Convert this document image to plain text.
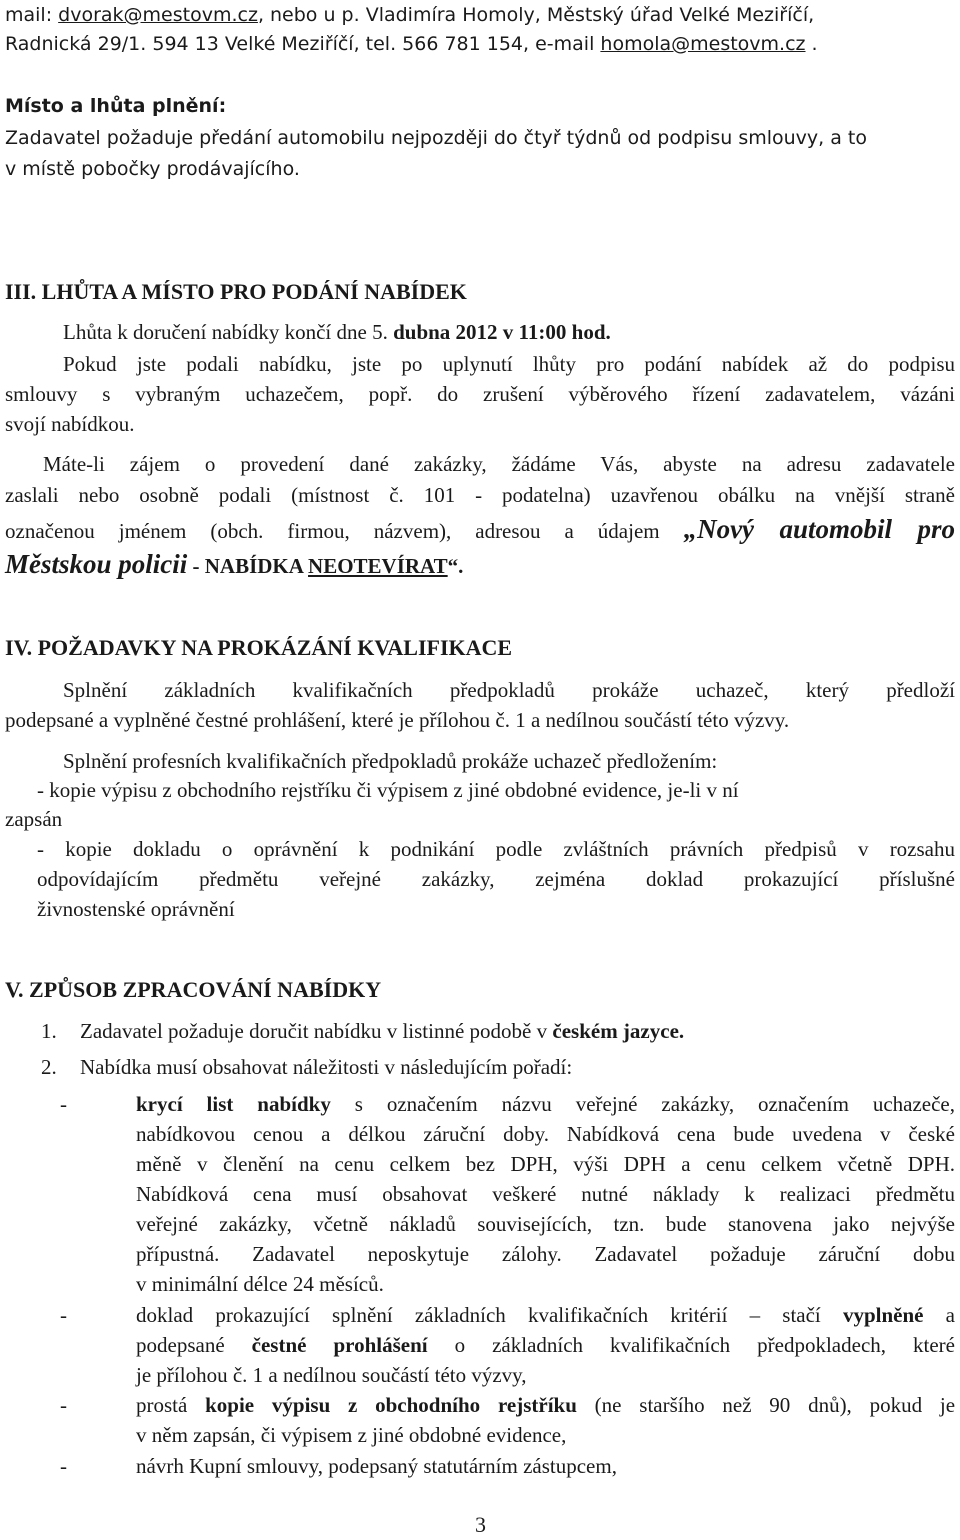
mail: dvorak@mestovm.cz, nebo u p. Vladimíra Homoly, Městský úřad Velké Meziříčí,
Radnická 29/1. 594 13 Velké Meziříčí, tel. 566 781 154, e-mail homola@mestovm.cz .
Místo a lhůta plnění:
Zadavatel požaduje předání automobilu nejpozději do čtyř týdnů od podpisu smlouvy, a to
v místě pobočky prodávajícího.
III. LHŮTA A MÍSTO PRO PODÁNÍ NABÍDEK
Lhůta k doručení nabídky končí dne 5. dubna 2012 v 11:00 hod.
Pokud jste podali nabídku, jste po uplynutí lhůty pro podání nabídek až do podpisu
smlouvy s vybraným uchazečem, popř. do zrušení výběrového řízení zadavatelem, vázáni
svojí nabídkou.
Máte-li zájem o provedení dané zakázky, žádáme Vás, abyste na adresu zadavatele
zaslali nebo osobně podali (místnost č. 101 - podatelna) uzavřenou obálku na vnější straně
označenou jménem (obch. firmou, názvem), adresou a údajem „Nový automobil pro
Městskou policii - NABÍDKA NEOTEVÍRAT“.
IV. POŽADAVKY NA PROKÁZÁNÍ KVALIFIKACE
Splnění základních kvalifikačních předpokladů prokáže uchazeč, který předloží
podepsané a vyplněné čestné prohlášení, které je přílohou č. 1 a nedílnou součástí této výzvy.
Splnění profesních kvalifikačních předpokladů prokáže uchazeč předložením:
- kopie výpisu z obchodního rejstříku či výpisem z jiné obdobné evidence, je-li v ní
zapsán
- kopie dokladu o oprávnění k podnikání podle zvláštních právních předpisů v rozsahu
odpovídajícím předmětu veřejné zakázky, zejména doklad prokazující příslušné
živnostenské oprávnění
V. ZPŮSOB ZPRACOVÁNÍ NABÍDKY
1. Zadavatel požaduje doručit nabídku v listinné podobě v českém jazyce.
2. Nabídka musí obsahovat náležitosti v následujícím pořadí:
-	krycí list nabídky s označením názvu veřejné zakázky, označením uchazeče,
nabídkovou cenou a délkou záruční doby. Nabídková cena bude uvedena v české
měně v členění na cenu celkem bez DPH, výši DPH a cenu celkem včetně DPH.
Nabídková cena musí obsahovat veškeré nutné náklady k realizaci předmětu
veřejné zakázky, včetně nákladů souvisejících, tzn. bude stanovena jako nejvýše
přípustná. Zadavatel neposkytuje zálohy. Zadavatel požaduje záruční dobu
v minimální délce 24 měsíců.
-	doklad prokazující splnění základních kvalifikačních kritérií – stačí vyplněné a
podepsané čestné prohlášení o základních kvalifikačních předpokladech, které
je přílohou č. 1 a nedílnou součástí této výzvy,
-	prostá kopie výpisu z obchodního rejstříku (ne staršího než 90 dnů), pokud je
v něm zapsán, či výpisem z jiné obdobné evidence,
-	návrh Kupní smlouvy, podepsaný statutárním zástupcem,
3
